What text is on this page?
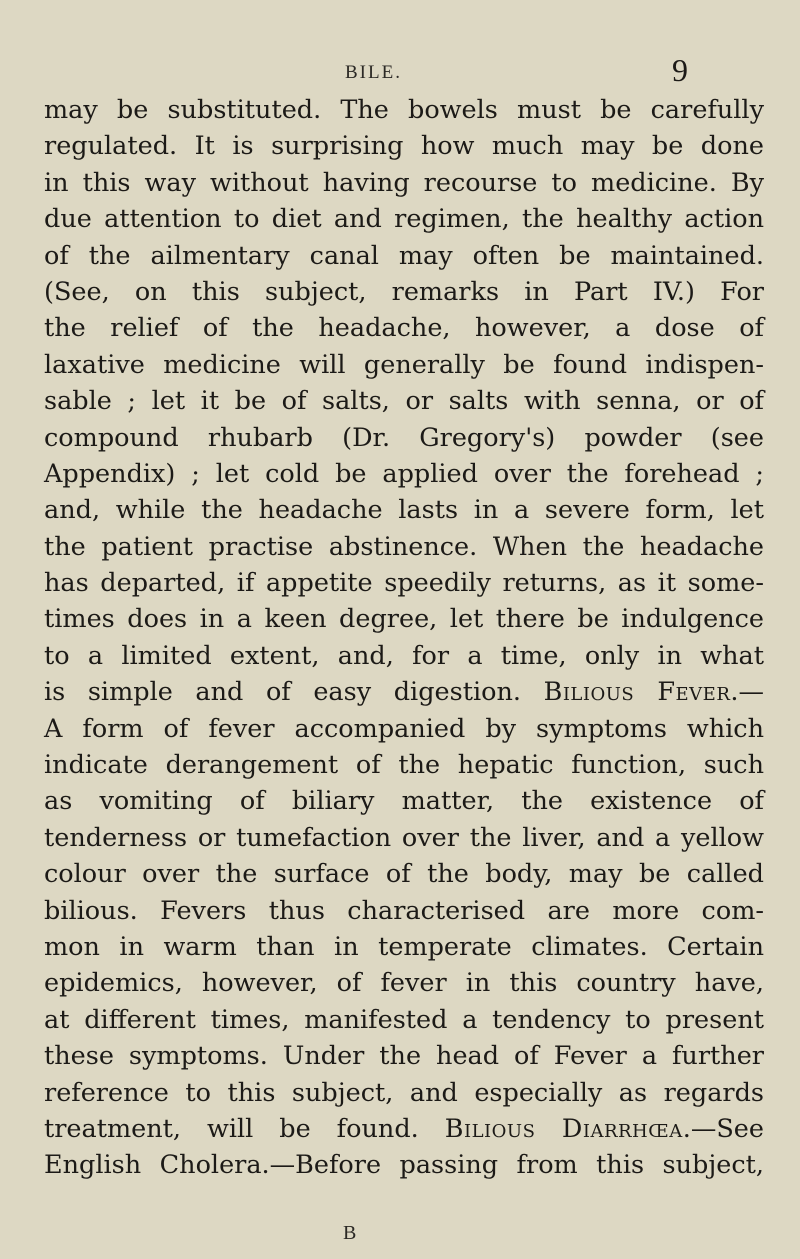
BILE.	9
may be substituted. The bowels must be carefully
regulated. It is surprising how much may be done
in this way without having recourse to medicine. By
due attention to diet and regimen, the healthy action
of the ailmentary canal may often be maintained.
(See, on this subject, remarks in Part IV.) For
the relief of the headache, however, a dose of
laxative medicine will generally be found indispen-
sable ; let it be of salts, or salts with senna, or of
compound rhubarb (Dr. Gregory's) powder (see
Appendix) ; let cold be applied over the forehead ;
and, while the headache lasts in a severe form, let
the patient practise abstinence. When the headache
has departed, if appetite speedily returns, as it some-
times does in a keen degree, let there be indulgence
to a limited extent, and, for a time, only in what
is simple and of easy digestion. Bilious Fever.—
A form of fever accompanied by symptoms which
indicate derangement of the hepatic function, such
as vomiting of biliary matter, the existence of
tenderness or tumefaction over the liver, and a yellow
colour over the surface of the body, may be called
bilious. Fevers thus characterised are more com-
mon in warm than in temperate climates. Certain
epidemics, however, of fever in this country have,
at different times, manifested a tendency to present
these symptoms. Under the head of Fever a further
reference to this subject, and especially as regards
treatment, will be found. Bilious Diarrhœa.—See
English Cholera.—Before passing from this subject,
B
